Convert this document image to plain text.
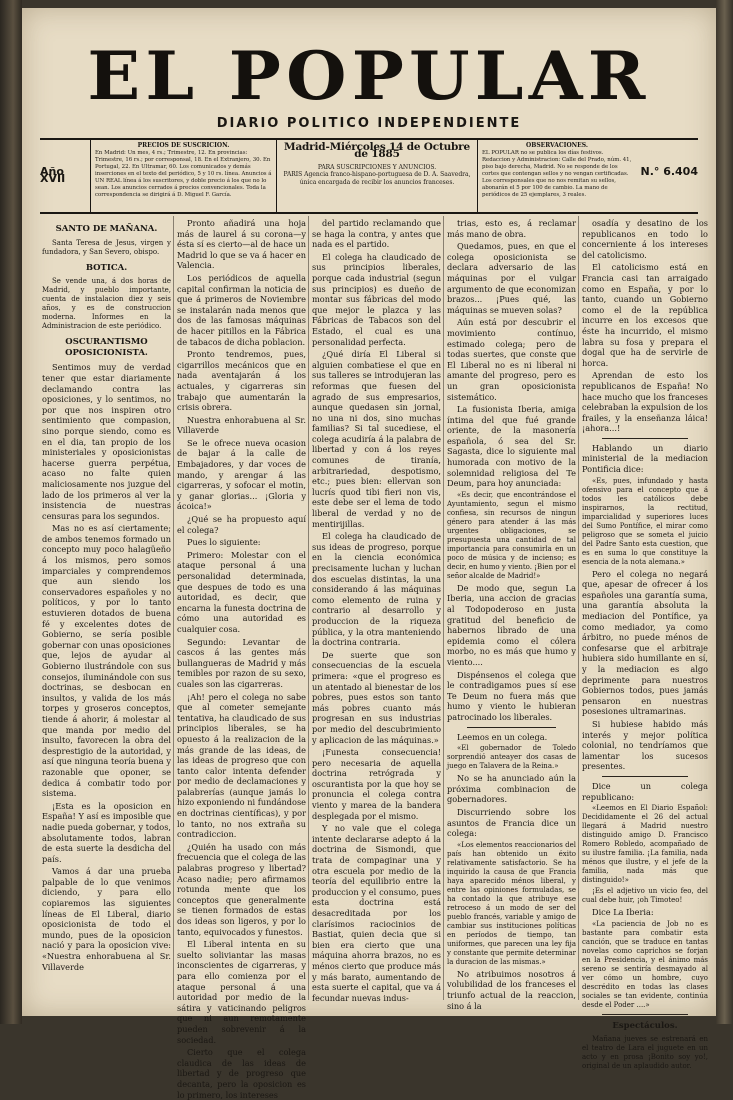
EL POPULAR
DIARIO POLITICO INDEPENDIENTE
Año XVII
PRECIOS DE SUSCRICION.
En Madrid: Un mes, 4 rs.; Trimestre, 12. En provincias: Trimestre, 16 rs.; por corresponsal, 18. En el Extranjero, 30. En Portugal, 22. En Ultramar, 60. Los comunicados y demás inserciones en el texto del periódico, 5 y 10 rs. línea. Anuncios á UN REAL línea á los suscritores, y doble precio á los que no lo sean. Los anuncios cerrados á precios convencionales. Toda la correspondencia se dirigirá á D. Miguel F. García.
Madrid-Miércoles 14 de Octubre de 1885
PARA SUSCRIPCIONES Y ANUNCIOS.
PARIS Agencia franco-hispano-portuguesa de D. A. Saavedra, única encargada de recibir los anuncios franceses.
OBSERVACIONES.
EL POPULAR no se publica los días festivos. Redaccion y Administracion: Calle del Prado, núm. 41, piso bajo derecha, Madrid. No se responde de los cortes que contengan sellos y no vengan certificadas. Los corresponsales que no nos remitan su sellos, abonarán el 5 por 100 de cambio. La mano de periódicos de 25 ejemplares, 3 reales.
N.° 6.404
SANTO DE MAÑANA.

Santa Teresa de Jesus, virgen y fundadora, y San Severo, obispo.

BOTICA.

Se vende una, á dos horas de Madrid, y pueblo importante, cuenta de instalacion diez y seis años, y es de construccion moderna. Informes en la Administracion de este periódico.

OSCURANTISMO OPOSICIONISTA.

Sentimos muy de verdad tener que estar diariamente declamando contra las oposiciones, y lo sentimos, no por que nos inspiren otro sentimiento que compasion, sino porque siendo, como es en el dia, tan propio de los ministeriales y oposicionistas hacerse guerra perpétua, acaso no falte quien maliciosamente nos juzgue del lado de los primeros al ver la insistencia de nuestras censuras para los segundos.

Mas no es así ciertamente; de ambos tenemos formado un concepto muy poco halagüeño á los mismos, pero somos imparciales y comprendemos que aun siendo los conservadores españoles y no políticos, y por lo tanto estuvieren dotados de buena fé y excelentes dotes de Gobierno, se sería posible gobernar con unas oposiciones que, lejos de ayudar al Gobierno ilustrándole con sus consejos, iluminándole con sus doctrinas, se desbocan en insultos, y valida de los más torpes y groseros conceptos, tiende á ahorir, á molestar al que manda por medio del insulto, favorecen la obra del desprestigio de la autoridad, y así que ninguna teoría buena y razonable que oponer, se dedica á combatir todo por sistema.

¡Esta es la oposicion en España! Y así es imposible que nadie pueda gobernar, y todos, absolutamente todos, labran de esta suerte la desdicha del país.

Vamos á dar una prueba palpable de lo que venimos diciendo, y para ello copiaremos las siguientes líneas de El Liberal, diario oposicionista de todo el mundo, pues de la oposicion nació y para la oposicion vive: «Nuestra enhorabuena al Sr. Villaverde

Pronto añadirá una hoja más de laurel á su corona—y ésta sí es cierto—al de hace un Madrid lo que se va á hacer en Valencia.

Los periódicos de aquella capital confirman la noticia de que á primeros de Noviembre se instalarán nada menos que dos de las famosas máquinas de hacer pitillos en la Fábrica de tabacos de dicha poblacion.

Pronto tendremos, pues, cigarrillos mecánicos que en nada aventajarán á los actuales, y cigarreras sin trabajo que aumentarán la crisis obrera.

Nuestra enhorabuena al Sr. Villaverde

Se le ofrece nueva ocasion de bajar á la calle de Embajadores, y dar voces de mando, y arengar á las cigarreras, y sofocar el motin, y ganar glorias... ¡Gloria y ácoica!»

¿Qué se ha propuesto aquí el colega?

Pues lo siguiente:

Primero: Molestar con el ataque personal á una personalidad determinada, que despues de todo es una autoridad, es decir, que encarna la funesta doctrina de cómo una autoridad es cualquier cosa.

Segundo: Levantar de cascos á las gentes más bullangueras de Madrid y más temibles por razon de su sexo, cuales son las cigarreras.

¡Ah! pero el colega no sabe que al cometer semejante tentativa, ha claudicado de sus principios liberales, se ha opuesto á la realizacion de la más grande de las ideas, de las ideas de progreso que con tanto calor intenta defender por medio de declamaciones y palabrerías (aunque jamás lo hizo exponiendo ni fundándose en doctrinas científicas), y por lo tanto, no nos extraña su contradiccion.

¿Quién ha usado con más frecuencia que el colega de las palabras progreso y libertad? Acaso nadie; pero afirmamos rotunda mente que los conceptos que generalmente se tienen formados de estas dos ideas son ligeros, y por lo tanto, equivocados y funestos.

El Liberal intenta en su suelto soliviantar las masas inconscientes de cigarreras, y para ello comienza por el ataque personal á una autoridad por medio de la sátira y vaticinando peligros que ni aun remotamente pueden sobrevenir á la sociedad.

Cierto que el colega claudica de las ideas de libertad y de progreso que decanta, pero la oposicion es lo primero, los intereses

del partido reclamando que se haga la contra, y antes que nada es el partido.

El colega ha claudicado de sus principios liberales, porque cada industrial (segun sus principios) es dueño de montar sus fábricas del modo que mejor le plazca y las Fábricas de Tabacos son del Estado, el cual es una personalidad perfecta.

¿Qué diría El Liberal si alguien combatiese el que en sus talleres se introdujeran las reformas que fuesen del agrado de sus empresarios, aunque quedasen sin jornal, no una ni dos, sino muchas familias? Si tal sucediese, el colega acudiría á la palabra de libertad y con á los reyes comunes de tiranía, arbitrariedad, despotismo, etc.; pues bien: ellervan son lucrís quod tibi fieri non vis, este debe ser el lema de todo liberal de verdad y no de mentirijillas.

El colega ha claudicado de sus ideas de progreso, porque en la ciencia económica precisamente luchan y luchan dos escuelas distintas, la una considerando á las máquinas como elemento de ruina y contrario al desarrollo y produccion de la riqueza pública, y la otra manteniendo la doctrina contraria.

De suerte que son consecuencias de la escuela primera: «que el progreso es un atentado al bienestar de los pobres, pues estos son tanto más pobres cuanto más progresan en sus industrias por medio del descubrimiento y aplicacion de las máquinas.»

¡Funesta consecuencia! pero necesaria de aquella doctrina retrógrada y oscurantista por la que hoy se pronuncia el colega contra viento y marea de la bandera desplegada por el mismo.

Y no vale que el colega intente declararse adepto á la doctrina de Sismondi, que trata de compaginar una y otra escuela por medio de la teoría del equilibrio entre la produccion y el consumo, pues esta doctrina está desacreditada por los clarísimos raciocinios de Bastiat, quien decia que si bien era cierto que una máquina ahorra brazos, no es ménos cierto que produce más y más barato, aumentando de esta suerte el capital, que va á fecundar nuevas indus-

trias, esto es, á reclamar más mano de obra.

Quedamos, pues, en que el colega oposicionista se declara adversario de las máquinas por el vulgar argumento de que economizan brazos... ¡Pues qué, las máquinas se mueven solas?

Aún está por descubrir el movimiento contínuo, estimado colega; pero de todas suertes, que conste que El Liberal no es ni liberal ni amante del progreso, pero es un gran oposicionista sistemático.

La fusionista Iberia, amiga íntima del que fué grande oriente, de la masonería española, ó sea del Sr. Sagasta, dice lo siguiente mal humorada con motivo de la solemnidad religiosa del Te Deum, para hoy anunciada:

«Es decir, que encontrándose el Ayuntamiento, segun el mismo confiesa, sin recursos de ningun género para atender á las más urgentes obligaciones, se presupuesta una cantidad de tal importancia para consumirla en un poco de música y de incienso; es decir, en humo y viento. ¡Bien por el señor alcalde de Madrid!»

De modo que, segun La Iberia, una accion de gracias al Todopoderoso en justa gratitud del beneficio de habernos librado de una epidemia como el cólera morbo, no es más que humo y viento....

Dispénsenos el colega que le contradigamos pues sí ese Te Deum no fuera más que humo y viento le hubieran patrocinado los liberales.

Leemos en un colega.

«El gobernador de Toledo sorprendió anteayer dos casas de juego en Talavera de la Reina.»

No se ha anunciado aún la próxima combinacion de gobernadores.

Discurriendo sobre los asuntos de Francia dice un colega:

«Los elementos reaccionarios del país han obtenido un éxito relativamente satisfactorio. Se ha inquirido la causa de que Francia haya aparecido ménos liberal, y entre las opiniones formuladas, se ha contado la que atribuye ese retroceso á un modo de ser del pueblo francés, variable y amigo de cambiar sus instituciones políticas en períodos de tiempo, tan uniformes, que parecen una ley fija y constante que permite determinar la duracion de las mismas.»

No atribuimos nosotros á volubilidad de los franceses el triunfo actual de la reaccion, sino á la

osadía y desatino de los republicanos en todo lo concerniente á los intereses del catolicismo.

El catolicismo está en Francia casi tan arraigado como en España, y por lo tanto, cuando un Gobierno como el de la república incurre en los excesos que éste ha incurrido, el mismo labra su fosa y prepara el dogal que ha de servirle de horca.

Aprendan de esto los republicanos de España! No hace mucho que los franceses celebraban la expulsion de los frailes, y la enseñanza láica! ¡ahora...!

Hablando un diario ministerial de la mediacion Pontificia dice:

«Es, pues, infundado y hasta ofensivo para el concepto que á todos les católicos debe inspirarnos, la rectitud, imparcialidad y superiores luces del Sumo Pontífice, el mirar como peligroso que se someta el juicio del Padre Santo esta cuestion, que es en suma lo que constituye la esencia de la nota alemana.»

Pero el colega no negará que, apesar de ofrecer á los españoles una garantía suma, una garantía absoluta la mediacion del Pontífice, ya como mediador, ya como árbitro, no puede ménos de confesarse que el arbitraje hubiera sido humillante en sí, y la mediacion es algo deprimente para nuestros Gobiernos todos, pues jamás pensaron en nuestras posesiones ultramarinas.

Si hubiese habido más interés y mejor política colonial, no tendríamos que lamentar los sucesos presentes.

Dice un colega republicano:

«Leemos en El Diario Español: Decididamente el 26 del actual llegará á Madrid nuestro distinguido amigo D. Francisco Romero Robledo, acompañado de su ilustre familia. ¡La familia, nada ménos que ilustre, y el jefe de la familia, nada más que distinguido!»

¡Es el adjetivo un vicio feo, del cual debe huir, ¡oh Timoteo!

Dice La Iberia:

«La paciencia de Job no es bastante para combatir esta canción, que se traduce en tantas novelas como caprichos se forjan en la Presidencia, y el ánimo más sereno se sentiría desmayado al ver cómo un hombre, cuyo descrédito en todas las clases sociales se tan evidente, continúa desde el Poder ....»

Espectáculos.

Mañana jueves se estrenará en el teatro de Lara el juguete en un acto y en prosa ¡Bonito soy yo!, original de un aplaudido autor.
